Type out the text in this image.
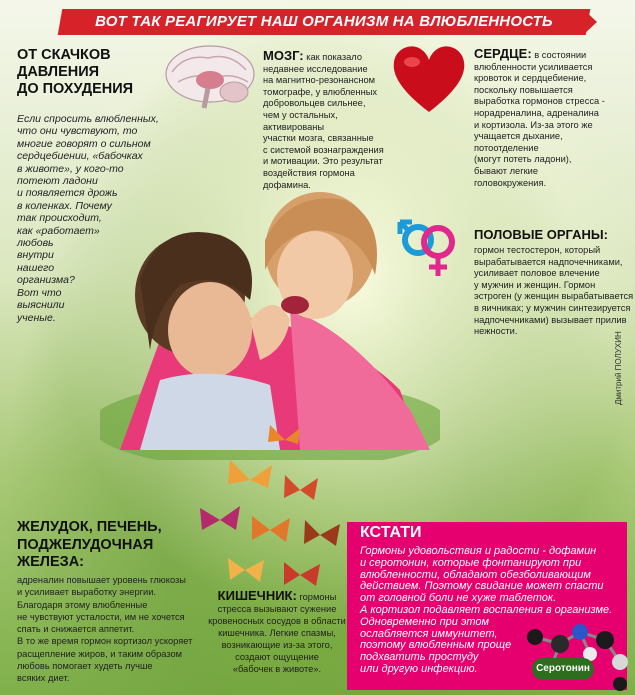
ВОТ ТАК РЕАГИРУЕТ НАШ ОРГАНИЗМ НА ВЛЮБЛЕННОСТЬ
ОТ СКАЧКОВ
ДАВЛЕНИЯ
ДО ПОХУДЕНИЯ
Если спросить влюбленных,
что они чувствуют, то
многие говорят о сильном
сердцебиении, «бабочках
в животе», у кого-то
потеют ладони
и появляется дрожь
в коленках. Почему
так происходит,
как «работает»
любовь
внутри
нашего
организма?
Вот что
выяснили
ученые.
МОЗГ: как показало
недавнее исследование
на магнитно-резонансном
томографе, у влюбленных
добровольцев сильнее,
чем у остальных, активированы
участки мозга, связанные
с системой вознаграждения
и мотивации. Это результат
воздействия гормона дофамина.
СЕРДЦЕ: в состоянии
влюбленности усиливается
кровоток и сердцебиение,
поскольку повышается
выработка гормонов стресса -
норадреналина, адреналина
и кортизола. Из-за этого же
учащается дыхание,
потоотделение
(могут потеть ладони),
бывают легкие
головокружения.
ПОЛОВЫЕ ОРГАНЫ:
гормон тестостерон, который
вырабатывается надпочечниками,
усиливает половое влечение
у мужчин и женщин. Гормон
эстроген (у женщин вырабатывается
в яичниках; у мужчин синтезируется
надпочечниками) вызывает прилив
нежности.
ЖЕЛУДОК, ПЕЧЕНЬ,
ПОДЖЕЛУДОЧНАЯ
ЖЕЛЕЗА:
адреналин повышает уровень глюкозы
и усиливает выработку энергии.
Благодаря этому влюбленные
не чувствуют усталости, им не хочется
спать и снижается аппетит.
В то же время гормон кортизол ускоряет
расщепление жиров, и таким образом
любовь помогает худеть лучше
всяких диет.
КИШЕЧНИК: гормоны
стресса вызывают сужение
кровеносных сосудов в области
кишечника. Легкие спазмы,
возникающие из-за этого,
создают ощущение
«бабочек в животе».
КСТАТИ
Гормоны удовольствия и радости - дофамин
и серотонин, которые фонтанируют при
влюбленности, обладают обезболивающим
действием. Поэтому свидание может спасти
от головной боли не хуже таблеток.
А кортизол подавляет воспаления в организме.
Одновременно при этом
ослабляется иммунитет,
поэтому влюбленным проще
подхватить простуду
или другую инфекцию.	Серотонин
Дмитрий ПОЛУХИН
